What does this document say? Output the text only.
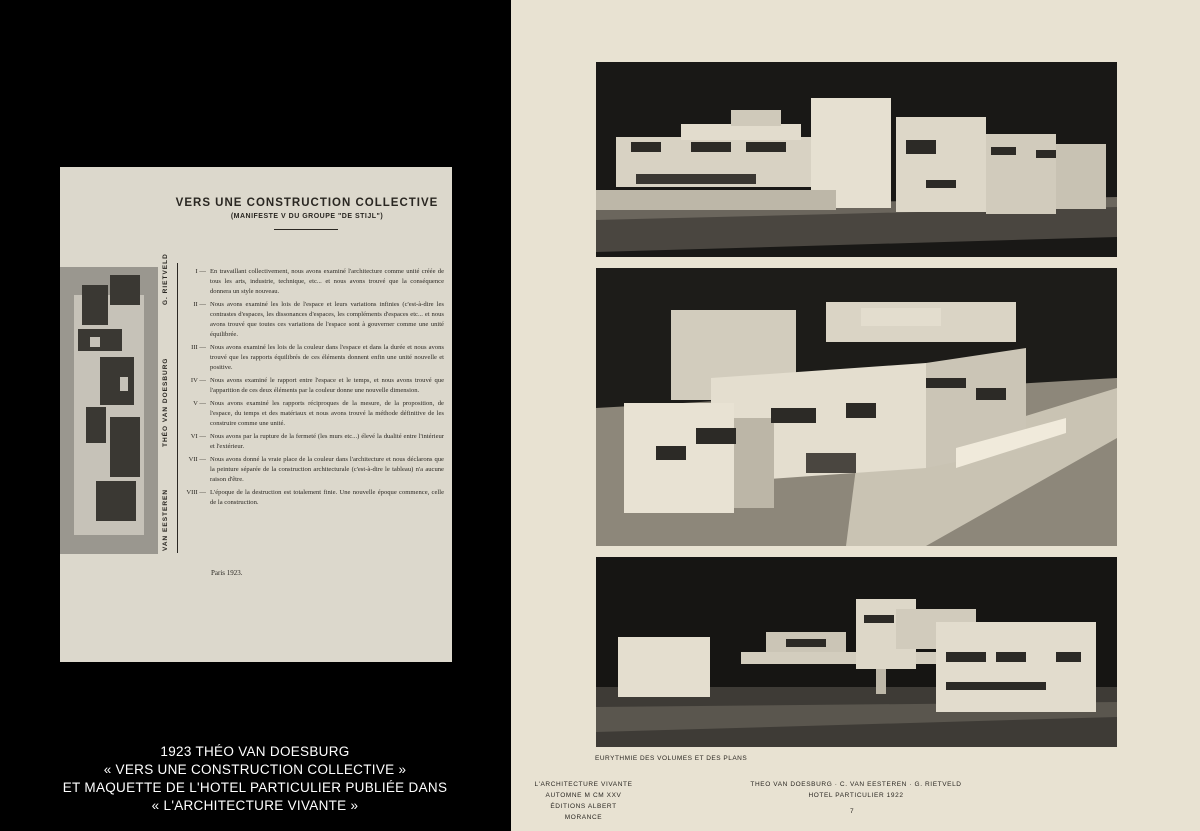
VERS UNE CONSTRUCTION COLLECTIVE
(MANIFESTE V DU GROUPE "DE STIJL")
G. RIETVELD
THÉO VAN DOESBURG
VAN EESTEREN
I — En travaillant collectivement, nous avons examiné l'architecture comme unité créée de tous les arts, industrie, technique, etc... et nous avons trouvé que la conséquence donnera un style nouveau.
II — Nous avons examiné les lois de l'espace et leurs variations infinies (c'est-à-dire les contrastes d'espaces, les dissonances d'espaces, les compléments d'espaces etc... et nous avons trouvé que toutes ces variations de l'espace sont à gouverner comme une unité équilibrée.
III — Nous avons examiné les lois de la couleur dans l'espace et dans la durée et nous avons trouvé que les rapports équilibrés de ces éléments donnent enfin une unité nouvelle et positive.
IV — Nous avons examiné le rapport entre l'espace et le temps, et nous avons trouvé que l'apparition de ces deux éléments par la couleur donne une nouvelle dimension.
V — Nous avons examiné les rapports réciproques de la mesure, de la proposition, de l'espace, du temps et des matériaux et nous avons trouvé la méthode définitive de les construire comme une unité.
VI — Nous avons par la rupture de la fermeté (les murs etc...) élevé la dualité entre l'intérieur et l'extérieur.
VII — Nous avons donné la vraie place de la couleur dans l'architecture et nous déclarons que la peinture séparée de la construction architecturale (c'est-à-dire le tableau) n'a aucune raison d'être.
VIII — L'époque de la destruction est totalement finie. Une nouvelle époque commence, celle de la construction.
Paris 1923.
1923 THÉO VAN DOESBURG
« VERS UNE CONSTRUCTION COLLECTIVE »
ET MAQUETTE DE L'HOTEL PARTICULIER PUBLIÉE DANS
« L'ARCHITECTURE VIVANTE »
EURYTHMIE DES VOLUMES ET DES PLANS
L'ARCHITECTURE VIVANTE
AUTOMNE M CM XXV
ÉDITIONS ALBERT MORANCE
THEO VAN DOESBURG · C. VAN EESTEREN · G. RIETVELD
HOTEL PARTICULIER 1922
7
